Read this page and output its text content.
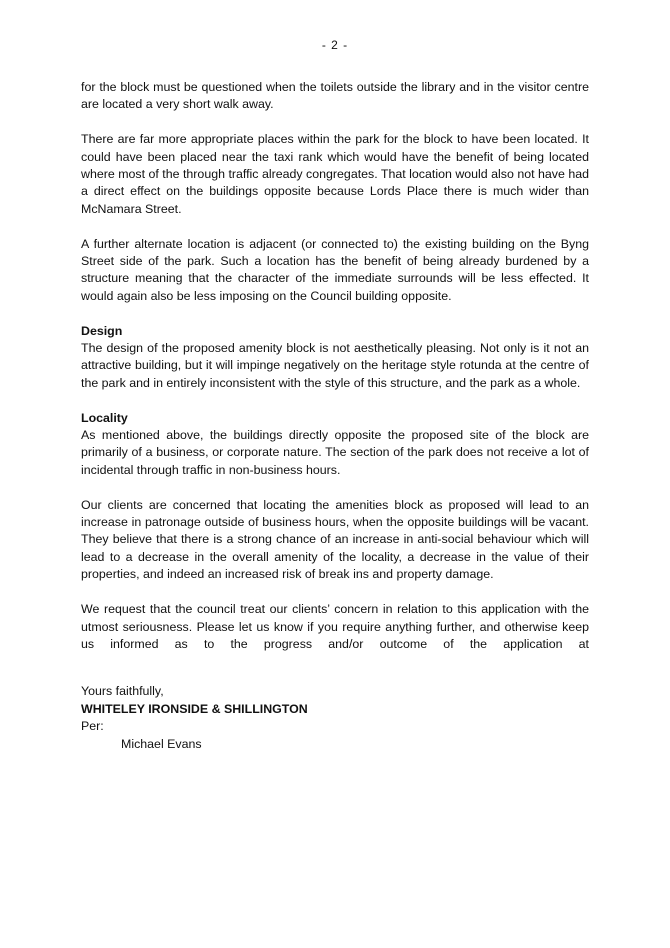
- 2 -

for the block must be questioned when the toilets outside the library and in the visitor centre are located a very short walk away.

There are far more appropriate places within the park for the block to have been located. It could have been placed near the taxi rank which would have the benefit of being located where most of the through traffic already congregates. That location would also not have had a direct effect on the buildings opposite because Lords Place there is much wider than McNamara Street.

A further alternate location is adjacent (or connected to) the existing building on the Byng Street side of the park. Such a location has the benefit of being already burdened by a structure meaning that the character of the immediate surrounds will be less effected. It would again also be less imposing on the Council building opposite.

Design

The design of the proposed amenity block is not aesthetically pleasing. Not only is it not an attractive building, but it will impinge negatively on the heritage style rotunda at the centre of the park and in entirely inconsistent with the style of this structure, and the park as a whole.

Locality

As mentioned above, the buildings directly opposite the proposed site of the block are primarily of a business, or corporate nature. The section of the park does not receive a lot of incidental through traffic in non-business hours.

Our clients are concerned that locating the amenities block as proposed will lead to an increase in patronage outside of business hours, when the opposite buildings will be vacant. They believe that there is a strong chance of an increase in anti-social behaviour which will lead to a decrease in the overall amenity of the locality, a decrease in the value of their properties, and indeed an increased risk of break ins and property damage.

We request that the council treat our clients’ concern in relation to this application with the utmost seriousness. Please let us know if you require anything further, and otherwise keep us informed as to the progress and/or outcome of the application at

Yours faithfully,
WHITELEY IRONSIDE & SHILLINGTON
Per:
Michael Evans
